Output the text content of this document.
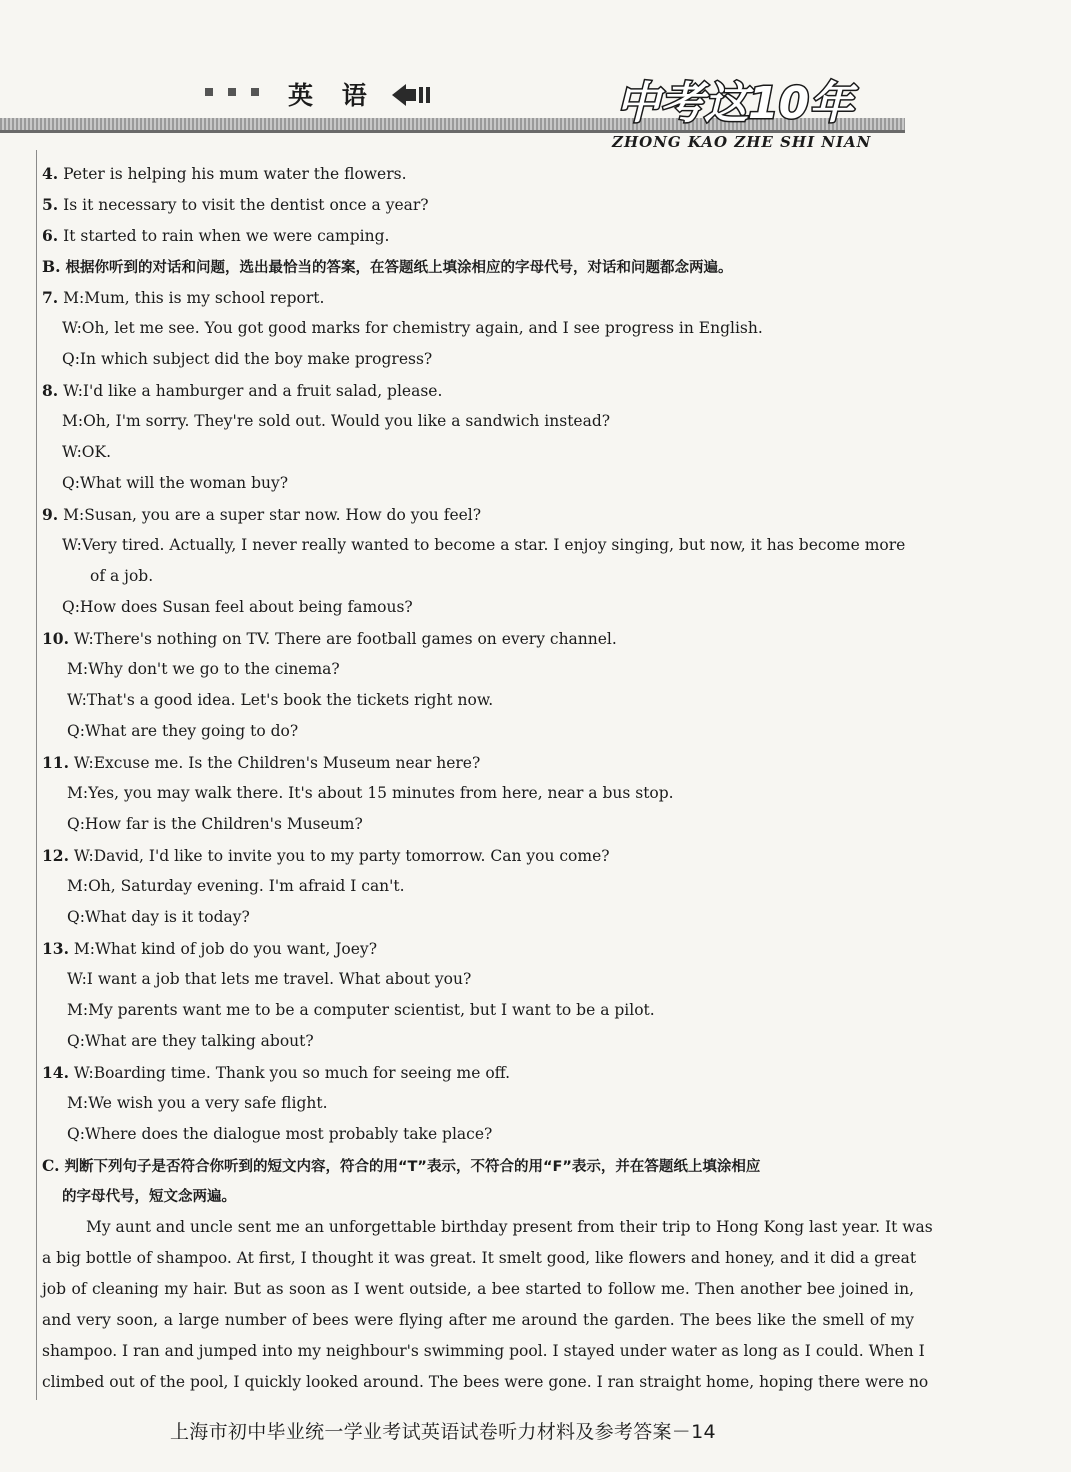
英 语	中考这10年
ZHONG KAO ZHE SHI NIAN
4. Peter is helping his mum water the flowers.
5. Is it necessary to visit the dentist once a year?
6. It started to rain when we were camping.
B. 根据你听到的对话和问题，选出最恰当的答案，在答题纸上填涂相应的字母代号，对话和问题都念两遍。
7. M:Mum, this is my school report.
W:Oh, let me see. You got good marks for chemistry again, and I see progress in English.
Q:In which subject did the boy make progress?
8. W:I'd like a hamburger and a fruit salad, please.
M:Oh, I'm sorry. They're sold out. Would you like a sandwich instead?
W:OK.
Q:What will the woman buy?
9. M:Susan, you are a super star now. How do you feel?
W:Very tired. Actually, I never really wanted to become a star. I enjoy singing, but now, it has become more
of a job.
Q:How does Susan feel about being famous?
10. W:There's nothing on TV. There are football games on every channel.
M:Why don't we go to the cinema?
W:That's a good idea. Let's book the tickets right now.
Q:What are they going to do?
11. W:Excuse me. Is the Children's Museum near here?
M:Yes, you may walk there. It's about 15 minutes from here, near a bus stop.
Q:How far is the Children's Museum?
12. W:David, I'd like to invite you to my party tomorrow. Can you come?
M:Oh, Saturday evening. I'm afraid I can't.
Q:What day is it today?
13. M:What kind of job do you want, Joey?
W:I want a job that lets me travel. What about you?
M:My parents want me to be a computer scientist, but I want to be a pilot.
Q:What are they talking about?
14. W:Boarding time. Thank you so much for seeing me off.
M:We wish you a very safe flight.
Q:Where does the dialogue most probably take place?
C. 判断下列句子是否符合你听到的短文内容，符合的用“T”表示，不符合的用“F”表示，并在答题纸上填涂相应
的字母代号，短文念两遍。
My aunt and uncle sent me an unforgettable birthday present from their trip to Hong Kong last year. It was
a big bottle of shampoo. At first, I thought it was great. It smelt good, like flowers and honey, and it did a great
job of cleaning my hair. But as soon as I went outside, a bee started to follow me. Then another bee joined in,
and very soon, a large number of bees were flying after me around the garden. The bees like the smell of my
shampoo. I ran and jumped into my neighbour's swimming pool. I stayed under water as long as I could. When I
climbed out of the pool, I quickly looked around. The bees were gone. I ran straight home, hoping there were no
上海市初中毕业统一学业考试英语试卷听力材料及参考答案－14
